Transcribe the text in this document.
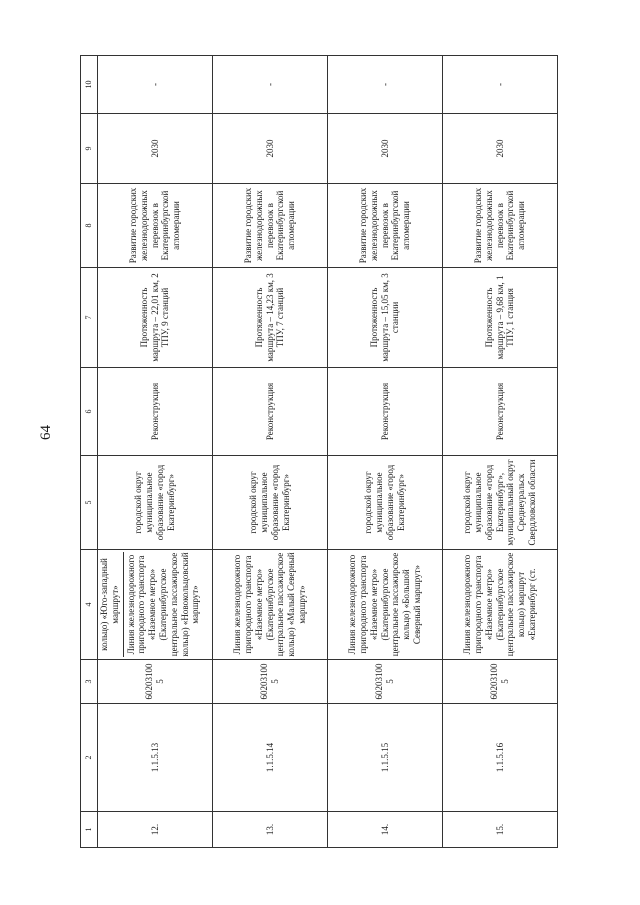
64
1	2	3	4	5	6	7	8	9	10
12.	1.1.5.13	602031005	кольцо) «Юго-западный маршрут» Линия железнодорожного пригородного транспорта «Наземное метро» (Екатеринбургское центральное пассажирское кольцо) «Новокольцовский маршрут»	городской округ муниципальное образование «город Екатеринбург»	Реконструкция	Протяженность маршрута – 22,01 км, 2 ТПУ, 9 станций	Развитие городских железнодорожных перевозок в Екатеринбургской агломерации	2030	-
13.	1.1.5.14	602031005	Линия железнодорожного пригородного транспорта «Наземное метро» (Екатеринбургское центральное пассажирское кольцо) «Малый Северный маршрут»	городской округ муниципальное образование «город Екатеринбург»	Реконструкция	Протяженность маршрута – 14,23 км, 3 ТПУ, 7 станций	Развитие городских железнодорожных перевозок в Екатеринбургской агломерации	2030	-
14.	1.1.5.15	602031005	Линия железнодорожного пригородного транспорта «Наземное метро» (Екатеринбургское центральное пассажирское кольцо) «Большой Северный маршрут»	городской округ муниципальное образование «город Екатеринбург»	Реконструкция	Протяженность маршрута – 15,05 км, 3 станции	Развитие городских железнодорожных перевозок в Екатеринбургской агломерации	2030	-
15.	1.1.5.16	602031005	Линия железнодорожного пригородного транспорта «Наземное метро» (Екатеринбургское центральное пассажирское кольцо) маршрут «Екатеринбург (ст.	городской округ муниципальное образование «город Екатеринбург», муниципальный округ Среднеуральск Свердловской области	Реконструкция	Протяженность маршрута – 9,68 км, 1 ТПУ, 1 станция	Развитие городских железнодорожных перевозок в Екатеринбургской агломерации	2030	-
